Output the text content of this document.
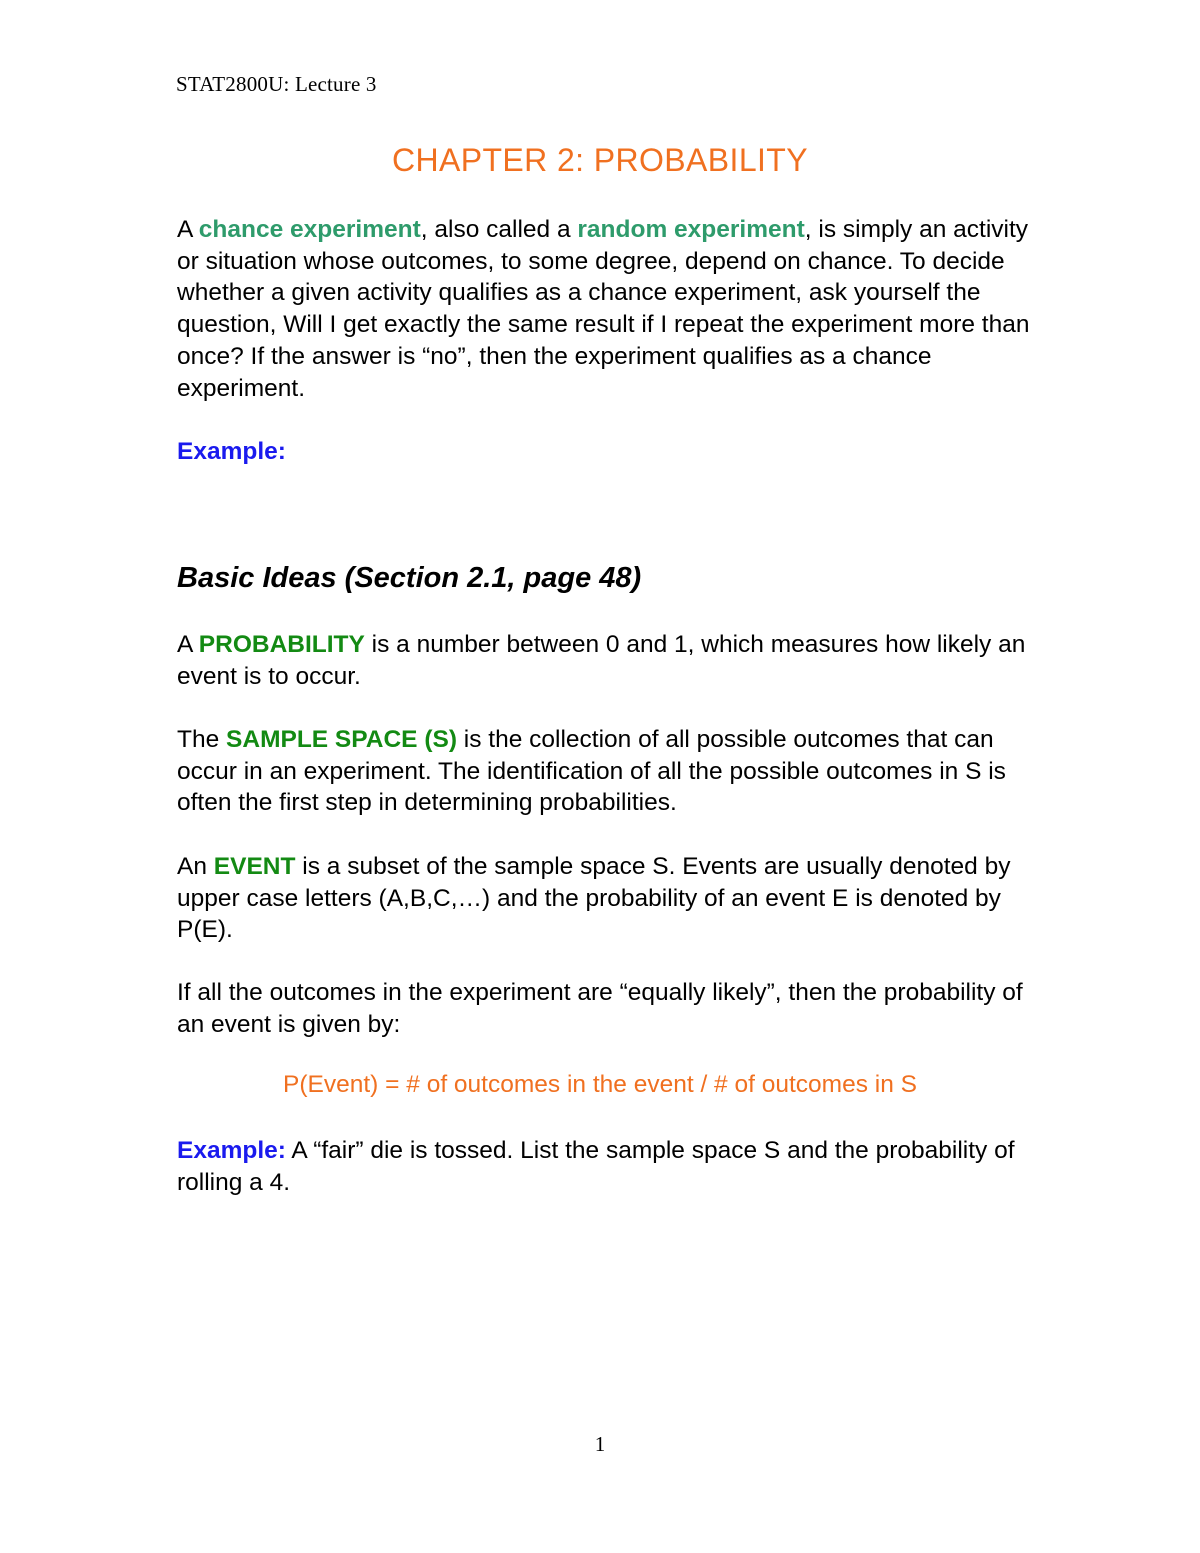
STAT2800U: Lecture 3
CHAPTER 2: PROBABILITY

A chance experiment, also called a random experiment, is simply an activity or situation whose outcomes, to some degree, depend on chance. To decide whether a given activity qualifies as a chance experiment, ask yourself the question, Will I get exactly the same result if I repeat the experiment more than once? If the answer is “no”, then the experiment qualifies as a chance experiment.

Example:

Basic Ideas (Section 2.1, page 48)

A PROBABILITY is a number between 0 and 1, which measures how likely an event is to occur.

The SAMPLE SPACE (S) is the collection of all possible outcomes that can occur in an experiment. The identification of all the possible outcomes in S is often the first step in determining probabilities.

An EVENT is a subset of the sample space S. Events are usually denoted by upper case letters (A,B,C,…) and the probability of an event E is denoted by P(E).

If all the outcomes in the experiment are “equally likely”, then the probability of an event is given by:

P(Event) = # of outcomes in the event / # of outcomes in S

Example: A “fair” die is tossed. List the sample space S and the probability of rolling a 4.

1
